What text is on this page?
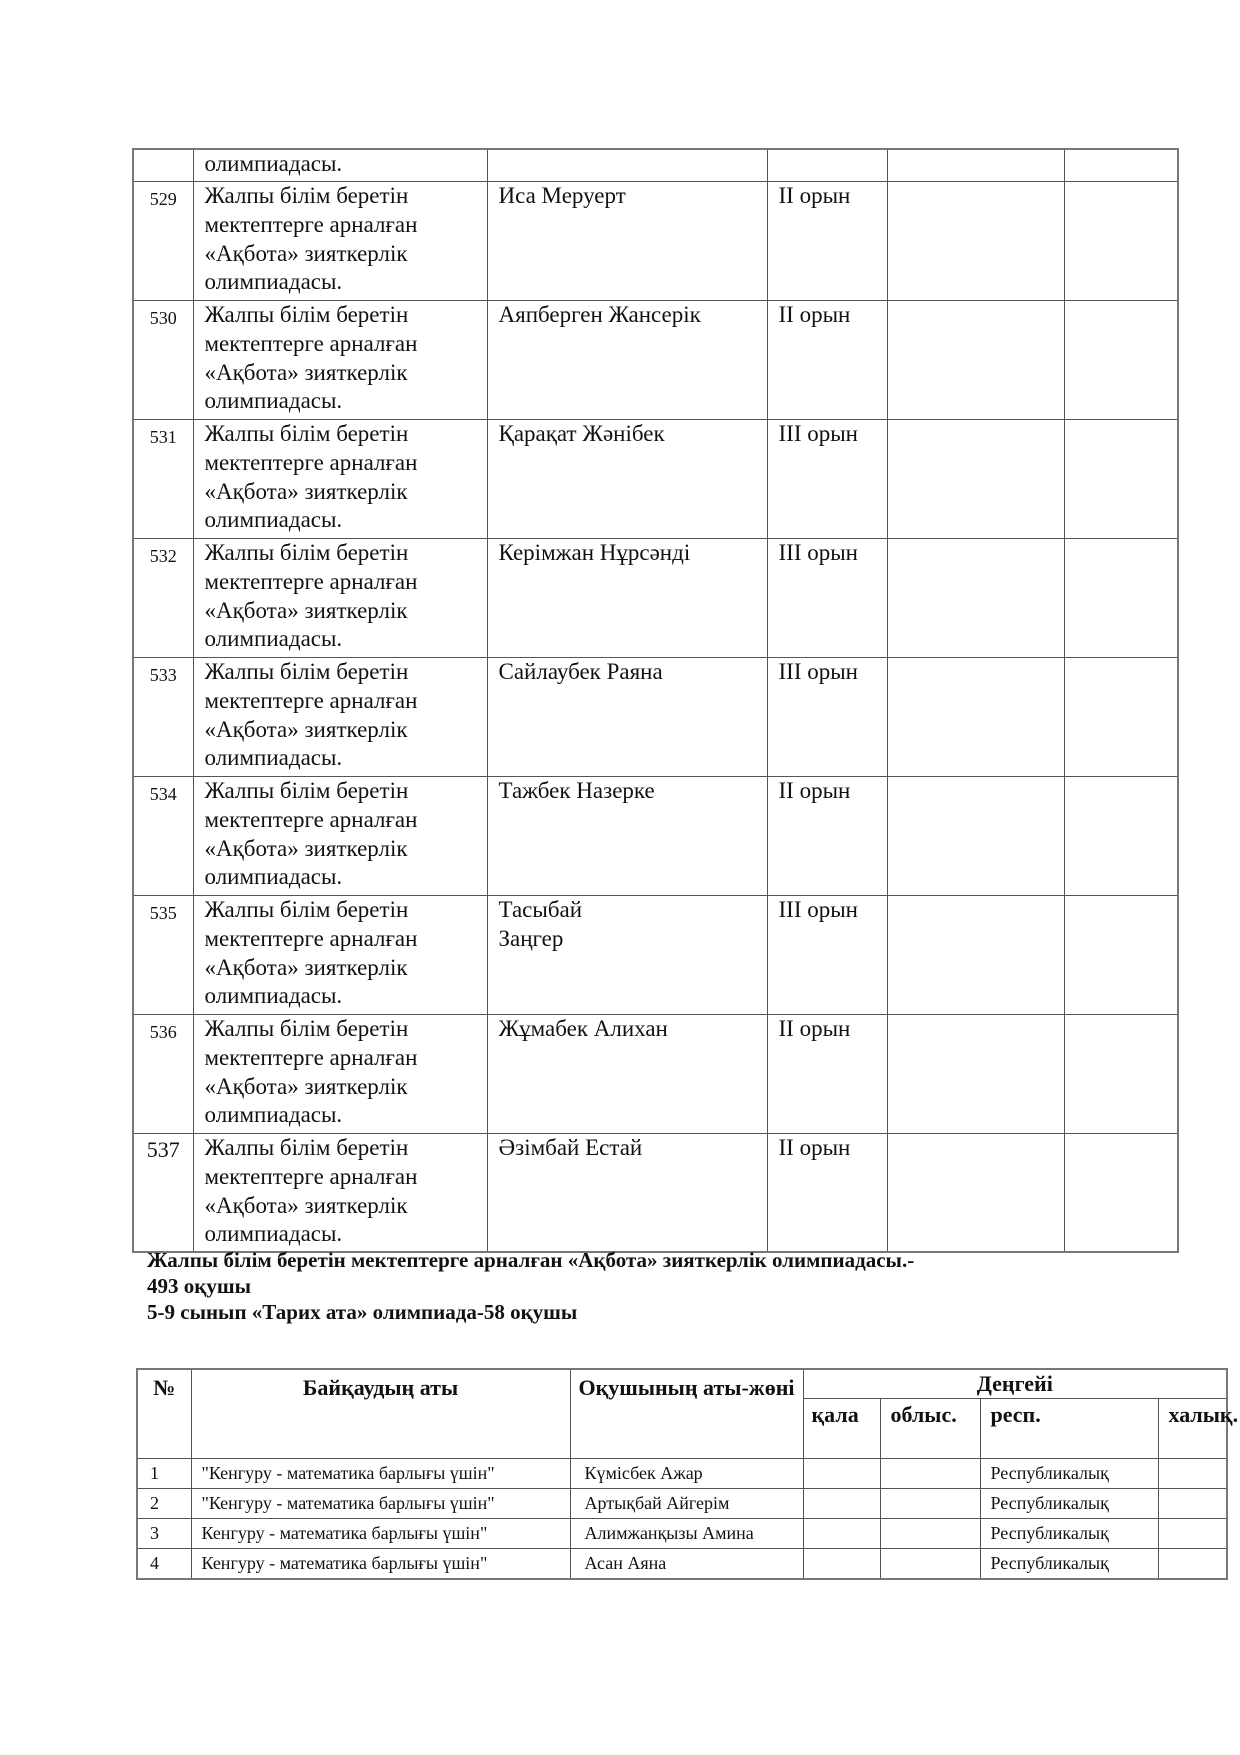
	олимпиадасы.				

529	Жалпы білім беретін
мектептерге арналған
«Ақбота» зияткерлік
олимпиадасы.	Иса Меруерт	II орын		
530	Жалпы білім беретін
мектептерге арналған
«Ақбота» зияткерлік
олимпиадасы.	Аяпберген Жансерік	II орын		
531	Жалпы білім беретін
мектептерге арналған
«Ақбота» зияткерлік
олимпиадасы.	Қарақат Жәнібек	III орын		
532	Жалпы білім беретін
мектептерге арналған
«Ақбота» зияткерлік
олимпиадасы.	Керімжан Нұрсәнді	III орын		
533	Жалпы білім беретін
мектептерге арналған
«Ақбота» зияткерлік
олимпиадасы.	Сайлаубек Раяна	III орын		
534	Жалпы білім беретін
мектептерге арналған
«Ақбота» зияткерлік
олимпиадасы.	Тажбек Назерке	II орын		
535	Жалпы білім беретін
мектептерге арналған
«Ақбота» зияткерлік
олимпиадасы.	Тасыбай
Заңгер	III орын		
536	Жалпы білім беретін
мектептерге арналған
«Ақбота» зияткерлік
олимпиадасы.	Жұмабек Алихан	II орын		
537	Жалпы білім беретін
мектептерге арналған
«Ақбота» зияткерлік
олимпиадасы.	Әзімбай Естай	II орын		
Жалпы білім беретін мектептерге арналған «Ақбота» зияткерлік олимпиадасы.-
493 оқушы
5-9 сынып «Тарих ата» олимпиада-58 оқушы
№	Байқаудың аты	Оқушының аты-жөні	Деңгейі			
			қала	облыс.	респ.	халық.
1	"Кенгуру - математика барлығы үшін"	Күмісбек Ажар			Республикалық	
2	"Кенгуру - математика барлығы үшін"	Артықбай Айгерім			Республикалық	
3	Кенгуру - математика барлығы үшін"	Алимжанқызы Амина			Республикалық	
4	Кенгуру - математика барлығы үшін"	Асан Аяна			Республикалық	
